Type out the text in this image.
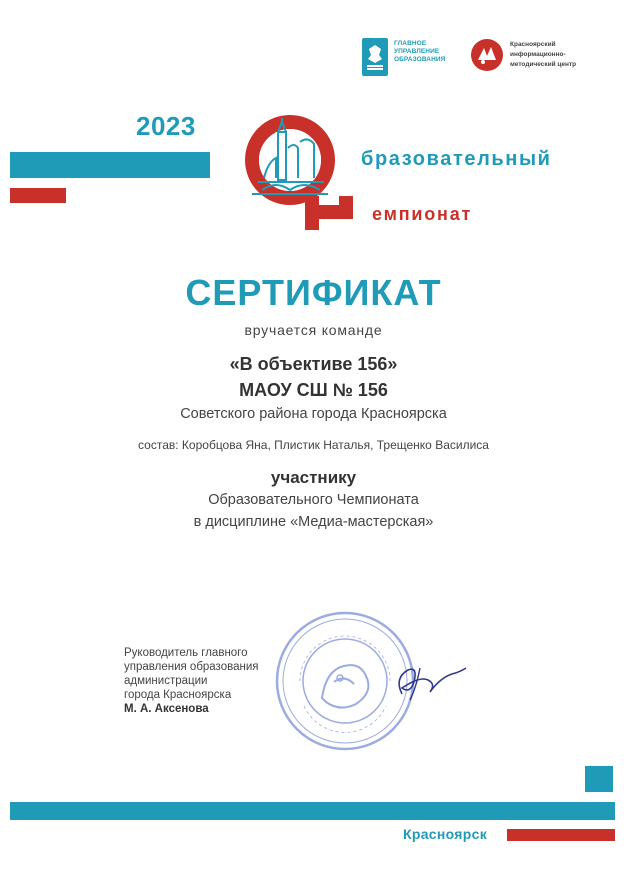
ГЛАВНОЕ УПРАВЛЕНИЕ ОБРАЗОВАНИЯ
Красноярский информационно-методический центр
2023
бразовательный
емпионат
СЕРТИФИКАТ
вручается команде
«В объективе 156»
МАОУ СШ № 156
Советского района города Красноярска
состав: Коробцова Яна, Плистик Наталья, Трещенко Василиса
участнику
Образовательного Чемпионата
в дисциплине «Медиа-мастерская»
Руководитель главного
управления образования
администрации
города Красноярска
М. А. Аксенова
Красноярск
